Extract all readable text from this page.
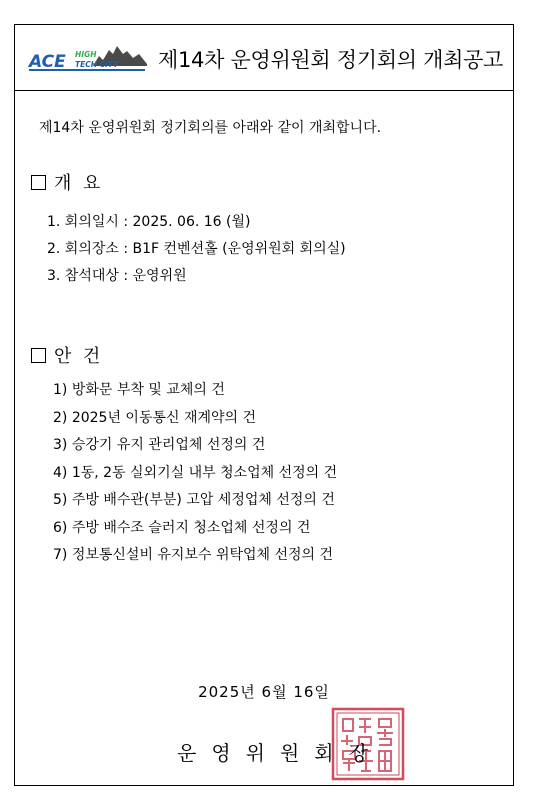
ACE HIGH
TECH CITY 제14차 운영위원회 정기회의 개최공고
제14차 운영위원회 정기회의를 아래와 같이 개최합니다.
개  요
1. 회의일시 : 2025. 06. 16 (월)
2. 회의장소 : B1F 컨벤션홀 (운영위원회 회의실)
3. 참석대상 : 운영위원
안  건
1) 방화문 부착 및 교체의 건
2) 2025년 이동통신 재계약의 건
3) 승강기 유지 관리업체 선정의 건
4) 1동, 2동 실외기실 내부 청소업체 선정의 건
5) 주방 배수관(부분) 고압 세정업체 선정의 건
6) 주방 배수조 슬러지 청소업체 선정의 건
7) 정보통신설비 유지보수 위탁업체 선정의 건
2025년 6월 16일
운영위원회장
